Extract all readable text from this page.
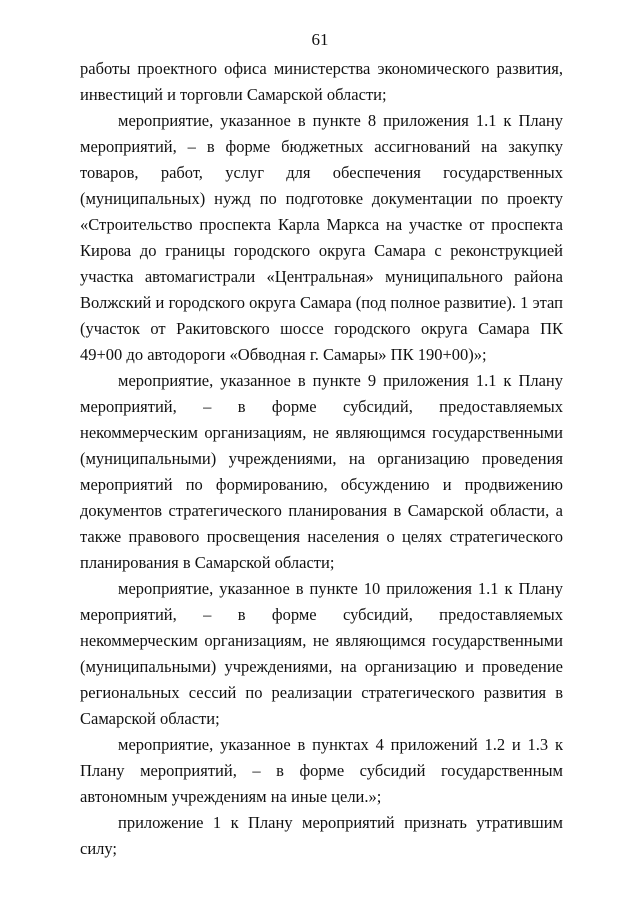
61

работы проектного офиса министерства экономического развития, инвестиций и торговли Самарской области;

мероприятие, указанное в пункте 8 приложения 1.1 к Плану мероприятий, – в форме бюджетных ассигнований на закупку товаров, работ, услуг для обеспечения государственных (муниципальных) нужд по подготовке документации по проекту «Строительство проспекта Карла Маркса на участке от проспекта Кирова до границы городского округа Самара с реконструкцией участка автомагистрали «Центральная» муниципального района Волжский и городского округа Самара (под полное развитие). 1 этап (участок от Ракитовского шоссе городского округа Самара ПК 49+00 до автодороги «Обводная г. Самары» ПК 190+00)»;

мероприятие, указанное в пункте 9 приложения 1.1 к Плану мероприятий, – в форме субсидий, предоставляемых некоммерческим организациям, не являющимся государственными (муниципальными) учреждениями, на организацию проведения мероприятий по формированию, обсуждению и продвижению документов стратегического планирования в Самарской области, а также правового просвещения населения о целях стратегического планирования в Самарской области;

мероприятие, указанное в пункте 10 приложения 1.1 к Плану мероприятий, – в форме субсидий, предоставляемых некоммерческим организациям, не являющимся государственными (муниципальными) учреждениями, на организацию и проведение региональных сессий по реализации стратегического развития в Самарской области;

мероприятие, указанное в пунктах 4 приложений 1.2 и 1.3 к Плану мероприятий, – в форме субсидий государственным автономным учреждениям на иные цели.»;

приложение 1 к Плану мероприятий признать утратившим силу;
